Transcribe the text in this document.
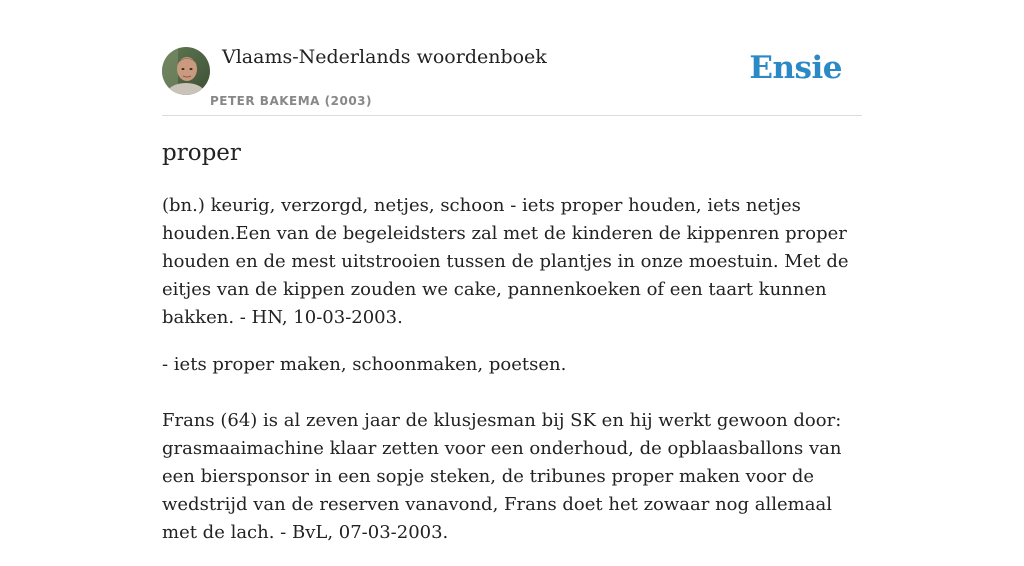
Vlaams-Nederlands woordenboek
PETER BAKEMA (2003)
Ensie
proper

(bn.) keurig, verzorgd, netjes, schoon - iets proper houden, iets netjes houden.Een van de begeleidsters zal met de kinderen de kippenren proper houden en de mest uitstrooien tussen de plantjes in onze moestuin. Met de eitjes van de kippen zouden we cake, pannenkoeken of een taart kunnen bakken. - HN, 10-03-2003.

- iets proper maken, schoonmaken, poetsen.

Frans (64) is al zeven jaar de klusjesman bij SK en hij werkt gewoon door: grasmaaimachine klaar zetten voor een onderhoud, de opblaasballons van een biersponsor in een sopje steken, de tribunes proper maken voor de wedstrijd van de reserven vanavond, Frans doet het zowaar nog allemaal met de lach. - BvL, 07-03-2003.
